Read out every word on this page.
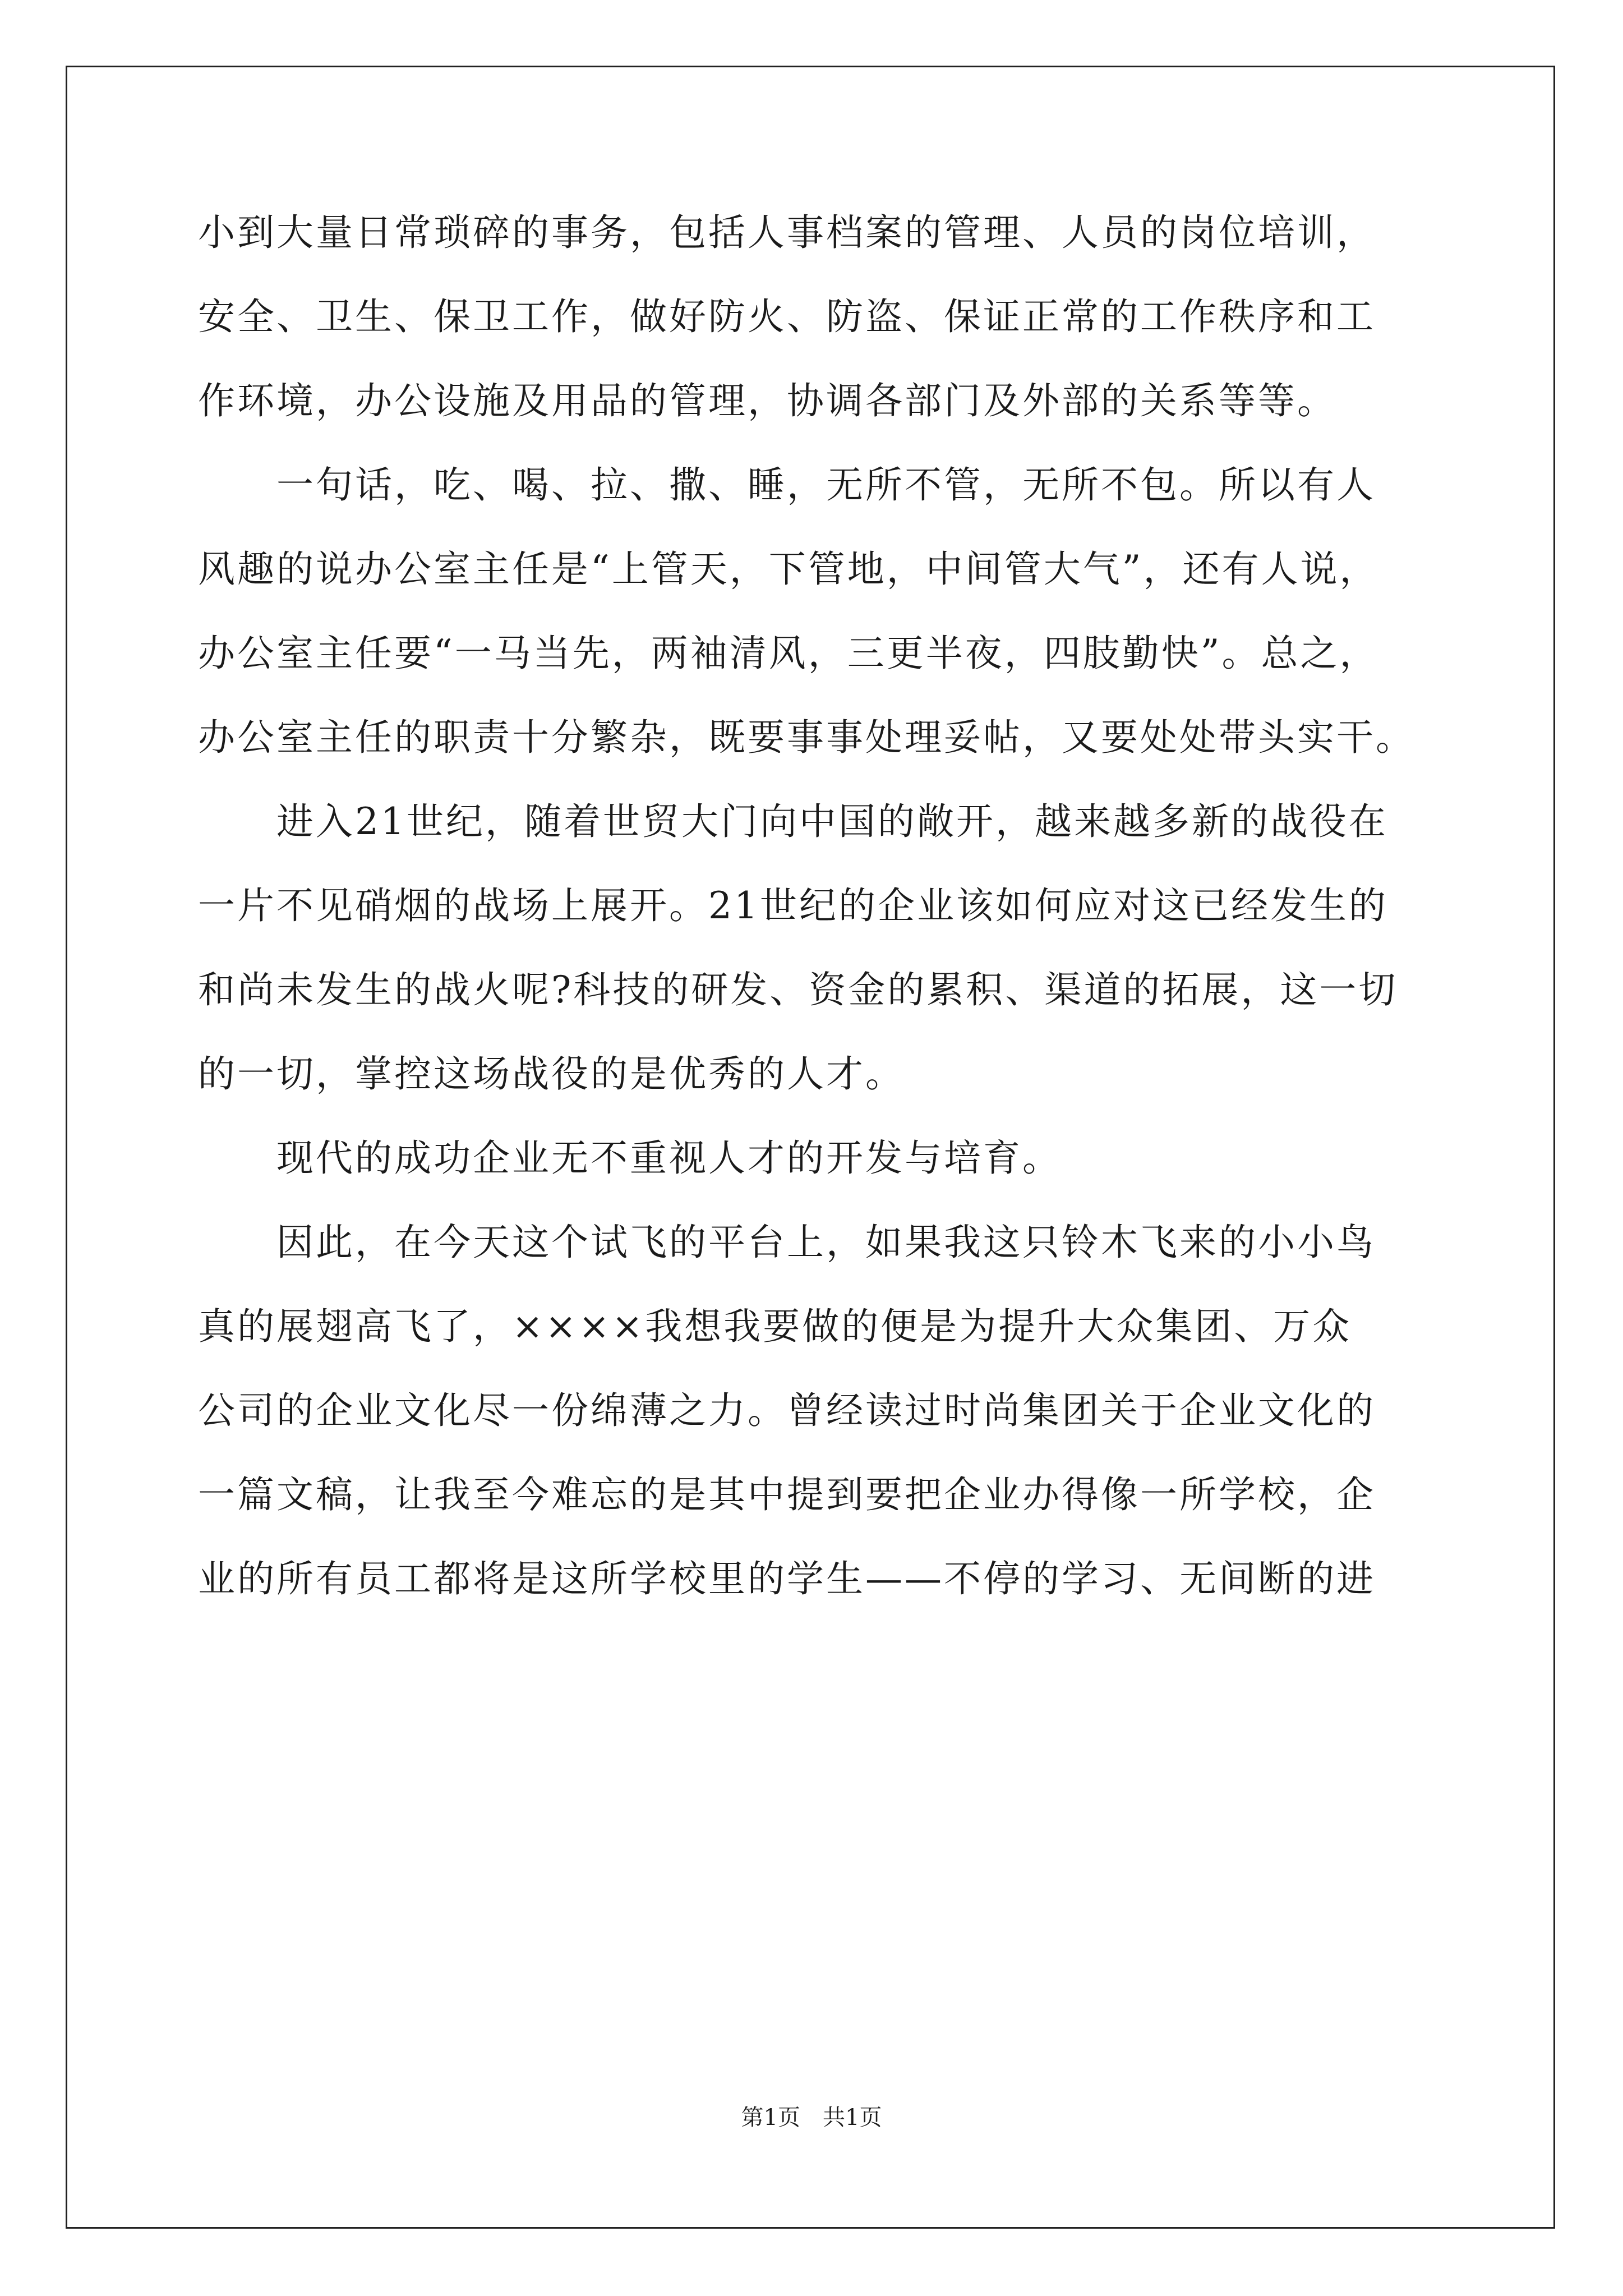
小到大量日常琐碎的事务，包括人事档案的管理、人员的岗位培训，
安全、卫生、保卫工作，做好防火、防盗、保证正常的工作秩序和工
作环境，办公设施及用品的管理，协调各部门及外部的关系等等。
　　一句话，吃、喝、拉、撒、睡，无所不管，无所不包。所以有人
风趣的说办公室主任是“上管天，下管地，中间管大气”，还有人说，
办公室主任要“一马当先，两袖清风，三更半夜，四肢勤快”。总之，
办公室主任的职责十分繁杂，既要事事处理妥帖，又要处处带头实干。
　　进入21世纪，随着世贸大门向中国的敞开，越来越多新的战役在
一片不见硝烟的战场上展开。21世纪的企业该如何应对这已经发生的
和尚未发生的战火呢?科技的研发、资金的累积、渠道的拓展，这一切
的一切，掌控这场战役的是优秀的人才。
　　现代的成功企业无不重视人才的开发与培育。
　　因此，在今天这个试飞的平台上，如果我这只铃木飞来的小小鸟
真的展翅高飞了，××××我想我要做的便是为提升大众集团、万众
公司的企业文化尽一份绵薄之力。曾经读过时尚集团关于企业文化的
一篇文稿，让我至今难忘的是其中提到要把企业办得像一所学校，企
业的所有员工都将是这所学校里的学生——不停的学习、无间断的进
第1页 共1页
